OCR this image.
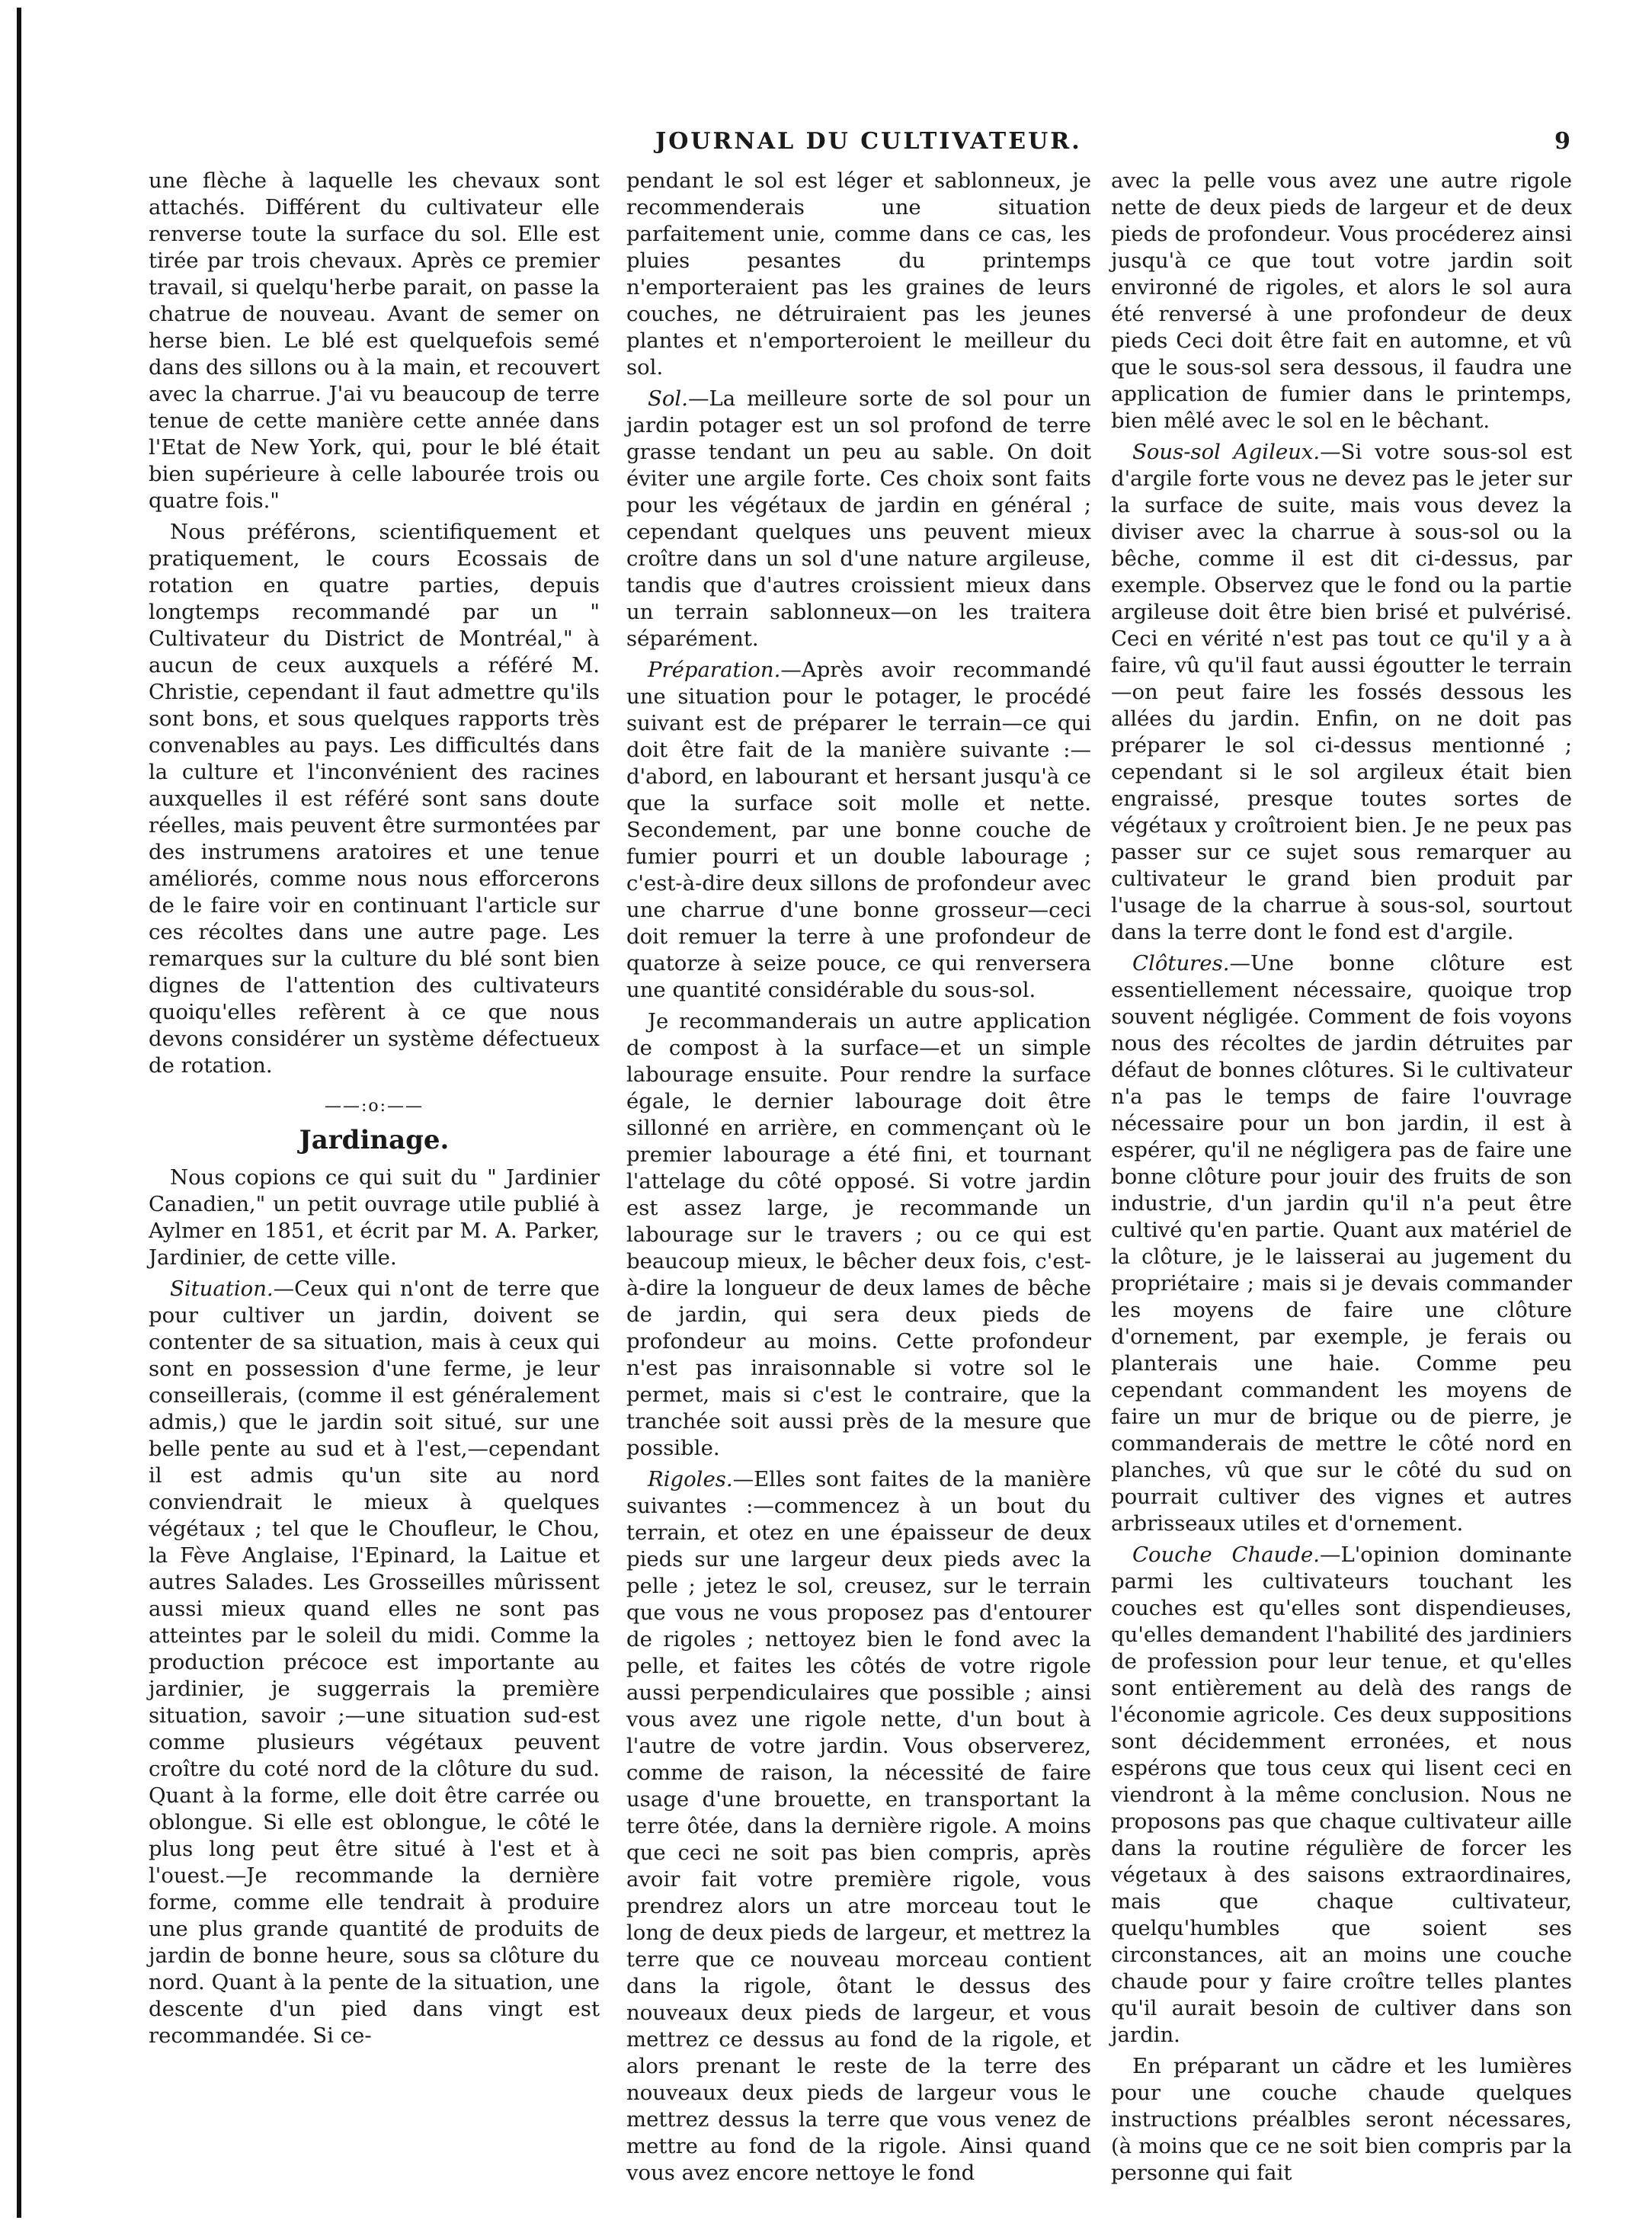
JOURNAL DU CULTIVATEUR.	9

une flèche à laquelle les chevaux sont attachés. Différent du cultivateur elle renverse toute la surface du sol. Elle est tirée par trois chevaux. Après ce premier travail, si quelqu'herbe parait, on passe la chatrue de nouveau. Avant de semer on herse bien. Le blé est quelquefois semé dans des sillons ou à la main, et recouvert avec la charrue. J'ai vu beaucoup de terre tenue de cette manière cette année dans l'Etat de New York, qui, pour le blé était bien supérieure à celle labourée trois ou quatre fois."

Nous préférons, scientifiquement et pratiquement, le cours Ecossais de rotation en quatre parties, depuis longtemps recommandé par un " Cultivateur du District de Montréal," à aucun de ceux auxquels a référé M. Christie, cependant il faut admettre qu'ils sont bons, et sous quelques rapports très convenables au pays. Les difficultés dans la culture et l'inconvénient des racines auxquelles il est référé sont sans doute réelles, mais peuvent être surmontées par des instrumens aratoires et une tenue améliorés, comme nous nous efforcerons de le faire voir en continuant l'article sur ces récoltes dans une autre page. Les remarques sur la culture du blé sont bien dignes de l'attention des cultivateurs quoiqu'elles refèrent à ce que nous devons considérer un système défectueux de rotation.

——:o:——
Jardinage.

Nous copions ce qui suit du " Jardinier Canadien," un petit ouvrage utile publié à Aylmer en 1851, et écrit par M. A. Parker, Jardinier, de cette ville.

Situation.—Ceux qui n'ont de terre que pour cultiver un jardin, doivent se contenter de sa situation, mais à ceux qui sont en possession d'une ferme, je leur conseillerais, (comme il est généralement admis,) que le jardin soit situé, sur une belle pente au sud et à l'est,—cependant il est admis qu'un site au nord conviendrait le mieux à quelques végétaux ; tel que le Choufleur, le Chou, la Fève Anglaise, l'Epinard, la Laitue et autres Salades. Les Grosseilles mûrissent aussi mieux quand elles ne sont pas atteintes par le soleil du midi. Comme la production précoce est importante au jardinier, je suggerrais la première situation, savoir ;—une situation sud-est comme plusieurs végétaux peuvent croître du coté nord de la clôture du sud. Quant à la forme, elle doit être carrée ou oblongue. Si elle est oblongue, le côté le plus long peut être situé à l'est et à l'ouest.—Je recommande la dernière forme, comme elle tendrait à produire une plus grande quantité de produits de jardin de bonne heure, sous sa clôture du nord. Quant à la pente de la situation, une descente d'un pied dans vingt est recommandée. Si ce-

pendant le sol est léger et sablonneux, je recommenderais une situation parfaitement unie, comme dans ce cas, les pluies pesantes du printemps n'emporteraient pas les graines de leurs couches, ne détruiraient pas les jeunes plantes et n'emporteroient le meilleur du sol.

Sol.—La meilleure sorte de sol pour un jardin potager est un sol profond de terre grasse tendant un peu au sable. On doit éviter une argile forte. Ces choix sont faits pour les végétaux de jardin en général ; cependant quelques uns peuvent mieux croître dans un sol d'une nature argileuse, tandis que d'autres croissient mieux dans un terrain sablonneux—on les traitera séparément.

Préparation.—Après avoir recommandé une situation pour le potager, le procédé suivant est de préparer le terrain—ce qui doit être fait de la manière suivante :—d'abord, en labourant et hersant jusqu'à ce que la surface soit molle et nette. Secondement, par une bonne couche de fumier pourri et un double labourage ; c'est-à-dire deux sillons de profondeur avec une charrue d'une bonne grosseur—ceci doit remuer la terre à une profondeur de quatorze à seize pouce, ce qui renversera une quantité considérable du sous-sol.

Je recommanderais un autre application de compost à la surface—et un simple labourage ensuite. Pour rendre la surface égale, le dernier labourage doit être sillonné en arrière, en commençant où le premier labourage a été fini, et tournant l'attelage du côté opposé. Si votre jardin est assez large, je recommande un labourage sur le travers ; ou ce qui est beaucoup mieux, le bêcher deux fois, c'est-à-dire la longueur de deux lames de bêche de jardin, qui sera deux pieds de profondeur au moins. Cette profondeur n'est pas inraisonnable si votre sol le permet, mais si c'est le contraire, que la tranchée soit aussi près de la mesure que possible.

Rigoles.—Elles sont faites de la manière suivantes :—commencez à un bout du terrain, et otez en une épaisseur de deux pieds sur une largeur deux pieds avec la pelle ; jetez le sol, creusez, sur le terrain que vous ne vous proposez pas d'entourer de rigoles ; nettoyez bien le fond avec la pelle, et faites les côtés de votre rigole aussi perpendiculaires que possible ; ainsi vous avez une rigole nette, d'un bout à l'autre de votre jardin. Vous observerez, comme de raison, la nécessité de faire usage d'une brouette, en transportant la terre ôtée, dans la dernière rigole. A moins que ceci ne soit pas bien compris, après avoir fait votre première rigole, vous prendrez alors un atre morceau tout le long de deux pieds de largeur, et mettrez la terre que ce nouveau morceau contient dans la rigole, ôtant le dessus des nouveaux deux pieds de largeur, et vous mettrez ce dessus au fond de la rigole, et alors prenant le reste de la terre des nouveaux deux pieds de largeur vous le mettrez dessus la terre que vous venez de mettre au fond de la rigole. Ainsi quand vous avez encore nettoye le fond

avec la pelle vous avez une autre rigole nette de deux pieds de largeur et de deux pieds de profondeur. Vous procéderez ainsi jusqu'à ce que tout votre jardin soit environné de rigoles, et alors le sol aura été renversé à une profondeur de deux pieds Ceci doit être fait en automne, et vû que le sous-sol sera dessous, il faudra une application de fumier dans le printemps, bien mêlé avec le sol en le bêchant.

Sous-sol Agileux.—Si votre sous-sol est d'argile forte vous ne devez pas le jeter sur la surface de suite, mais vous devez la diviser avec la charrue à sous-sol ou la bêche, comme il est dit ci-dessus, par exemple. Observez que le fond ou la partie argileuse doit être bien brisé et pulvérisé. Ceci en vérité n'est pas tout ce qu'il y a à faire, vû qu'il faut aussi égoutter le terrain —on peut faire les fossés dessous les allées du jardin. Enfin, on ne doit pas préparer le sol ci-dessus mentionné ; cependant si le sol argileux était bien engraissé, presque toutes sortes de végétaux y croîtroient bien. Je ne peux pas passer sur ce sujet sous remarquer au cultivateur le grand bien produit par l'usage de la charrue à sous-sol, sourtout dans la terre dont le fond est d'argile.

Clôtures.—Une bonne clôture est essentiellement nécessaire, quoique trop souvent négligée. Comment de fois voyons nous des récoltes de jardin détruites par défaut de bonnes clôtures. Si le cultivateur n'a pas le temps de faire l'ouvrage nécessaire pour un bon jardin, il est à espérer, qu'il ne négligera pas de faire une bonne clôture pour jouir des fruits de son industrie, d'un jardin qu'il n'a peut être cultivé qu'en partie. Quant aux matériel de la clôture, je le laisserai au jugement du propriétaire ; mais si je devais commander les moyens de faire une clôture d'ornement, par exemple, je ferais ou planterais une haie. Comme peu cependant commandent les moyens de faire un mur de brique ou de pierre, je commanderais de mettre le côté nord en planches, vû que sur le côté du sud on pourrait cultiver des vignes et autres arbrisseaux utiles et d'ornement.

Couche Chaude.—L'opinion dominante parmi les cultivateurs touchant les couches est qu'elles sont dispendieuses, qu'elles demandent l'habilité des jardiniers de profession pour leur tenue, et qu'elles sont entièrement au delà des rangs de l'économie agricole. Ces deux suppositions sont décidemment erronées, et nous espérons que tous ceux qui lisent ceci en viendront à la même conclusion. Nous ne proposons pas que chaque cultivateur aille dans la routine régulière de forcer les végetaux à des saisons extraordinaires, mais que chaque cultivateur, quelqu'humbles que soient ses circonstances, ait an moins une couche chaude pour y faire croître telles plantes qu'il aurait besoin de cultiver dans son jardin.

En préparant un cădre et les lumières pour une couche chaude quelques instructions préalbles seront nécessares, (à moins que ce ne soit bien compris par la personne qui fait
